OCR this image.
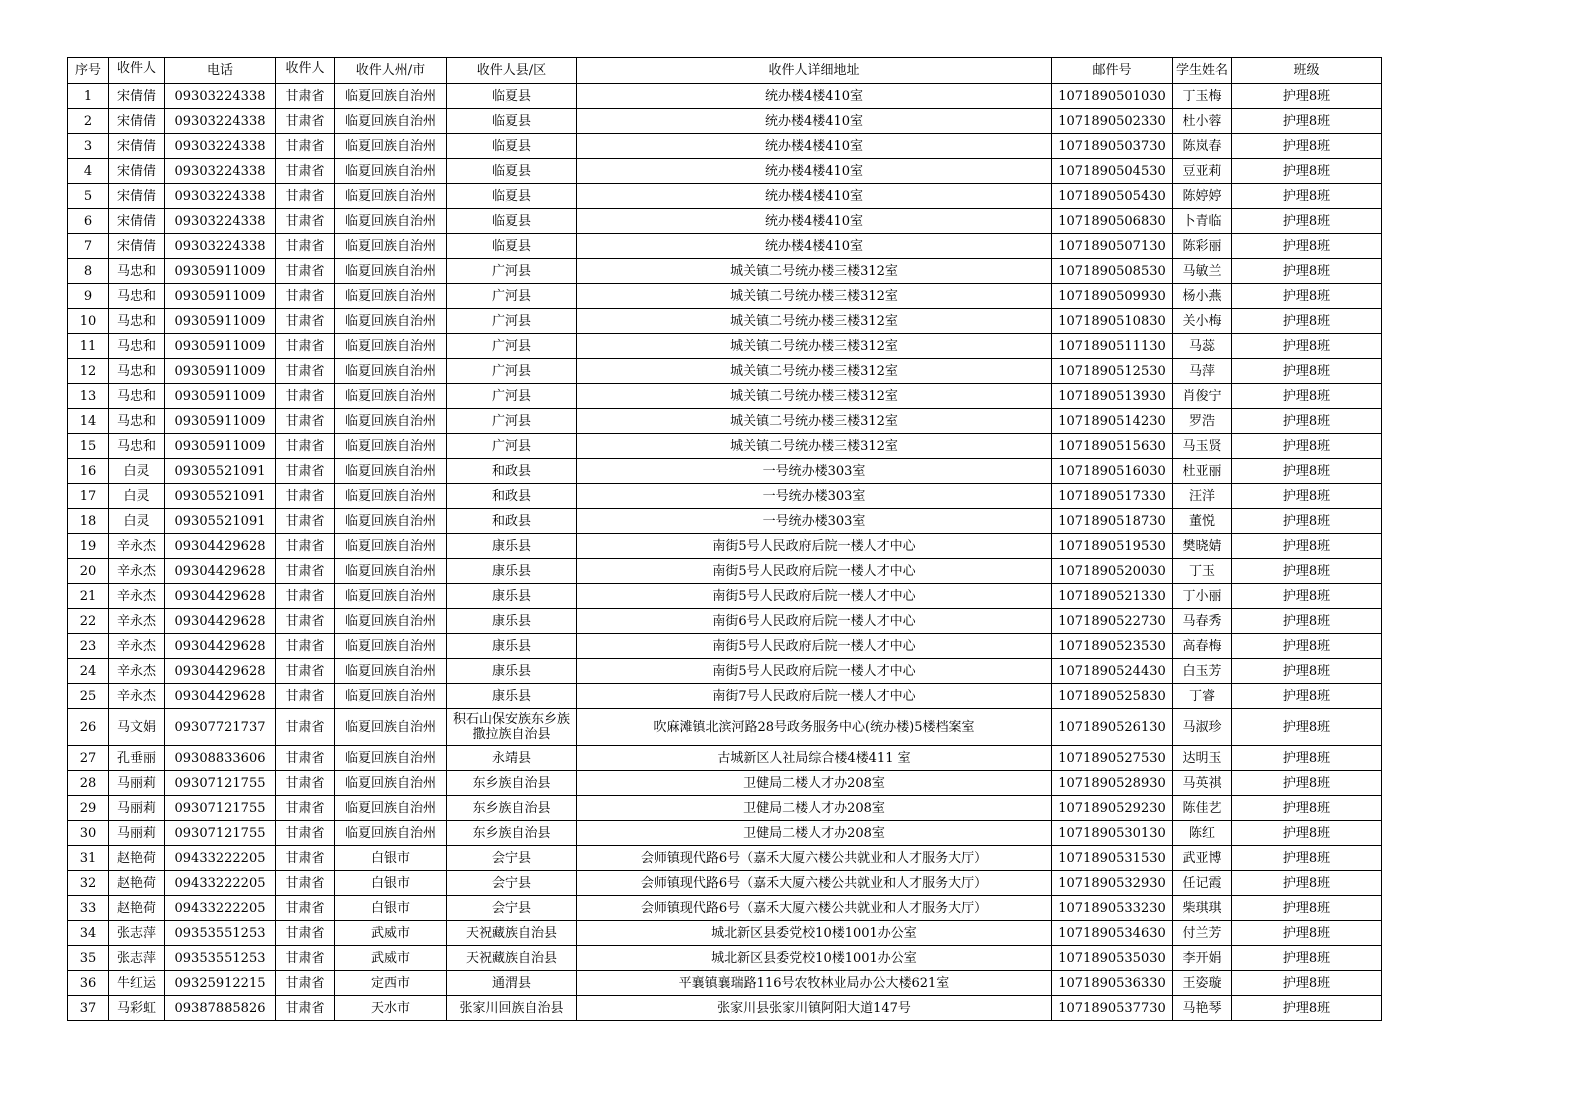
序号	收件人	电话	收件人	收件人州/市	收件人县/区	收件人详细地址	邮件号	学生姓名	班级
1	宋倩倩	09303224338	甘肃省	临夏回族自治州	临夏县	统办楼4楼410室	1071890501030	丁玉梅	护理8班
2	宋倩倩	09303224338	甘肃省	临夏回族自治州	临夏县	统办楼4楼410室	1071890502330	杜小蓉	护理8班
3	宋倩倩	09303224338	甘肃省	临夏回族自治州	临夏县	统办楼4楼410室	1071890503730	陈岚春	护理8班
4	宋倩倩	09303224338	甘肃省	临夏回族自治州	临夏县	统办楼4楼410室	1071890504530	豆亚莉	护理8班
5	宋倩倩	09303224338	甘肃省	临夏回族自治州	临夏县	统办楼4楼410室	1071890505430	陈婷婷	护理8班
6	宋倩倩	09303224338	甘肃省	临夏回族自治州	临夏县	统办楼4楼410室	1071890506830	卜青临	护理8班
7	宋倩倩	09303224338	甘肃省	临夏回族自治州	临夏县	统办楼4楼410室	1071890507130	陈彩丽	护理8班
8	马忠和	09305911009	甘肃省	临夏回族自治州	广河县	城关镇二号统办楼三楼312室	1071890508530	马敏兰	护理8班
9	马忠和	09305911009	甘肃省	临夏回族自治州	广河县	城关镇二号统办楼三楼312室	1071890509930	杨小燕	护理8班
10	马忠和	09305911009	甘肃省	临夏回族自治州	广河县	城关镇二号统办楼三楼312室	1071890510830	关小梅	护理8班
11	马忠和	09305911009	甘肃省	临夏回族自治州	广河县	城关镇二号统办楼三楼312室	1071890511130	马蕊	护理8班
12	马忠和	09305911009	甘肃省	临夏回族自治州	广河县	城关镇二号统办楼三楼312室	1071890512530	马萍	护理8班
13	马忠和	09305911009	甘肃省	临夏回族自治州	广河县	城关镇二号统办楼三楼312室	1071890513930	肖俊宁	护理8班
14	马忠和	09305911009	甘肃省	临夏回族自治州	广河县	城关镇二号统办楼三楼312室	1071890514230	罗浩	护理8班
15	马忠和	09305911009	甘肃省	临夏回族自治州	广河县	城关镇二号统办楼三楼312室	1071890515630	马玉贤	护理8班
16	白灵	09305521091	甘肃省	临夏回族自治州	和政县	一号统办楼303室	1071890516030	杜亚丽	护理8班
17	白灵	09305521091	甘肃省	临夏回族自治州	和政县	一号统办楼303室	1071890517330	汪洋	护理8班
18	白灵	09305521091	甘肃省	临夏回族自治州	和政县	一号统办楼303室	1071890518730	董悦	护理8班
19	辛永杰	09304429628	甘肃省	临夏回族自治州	康乐县	南街5号人民政府后院一楼人才中心	1071890519530	樊晓婧	护理8班
20	辛永杰	09304429628	甘肃省	临夏回族自治州	康乐县	南街5号人民政府后院一楼人才中心	1071890520030	丁玉	护理8班
21	辛永杰	09304429628	甘肃省	临夏回族自治州	康乐县	南街5号人民政府后院一楼人才中心	1071890521330	丁小丽	护理8班
22	辛永杰	09304429628	甘肃省	临夏回族自治州	康乐县	南街6号人民政府后院一楼人才中心	1071890522730	马春秀	护理8班
23	辛永杰	09304429628	甘肃省	临夏回族自治州	康乐县	南街5号人民政府后院一楼人才中心	1071890523530	高春梅	护理8班
24	辛永杰	09304429628	甘肃省	临夏回族自治州	康乐县	南街5号人民政府后院一楼人才中心	1071890524430	白玉芳	护理8班
25	辛永杰	09304429628	甘肃省	临夏回族自治州	康乐县	南街7号人民政府后院一楼人才中心	1071890525830	丁睿	护理8班
26	马文娟	09307721737	甘肃省	临夏回族自治州	积石山保安族东乡族撒拉族自治县	吹麻滩镇北滨河路28号政务服务中心(统办楼)5楼档案室	1071890526130	马淑珍	护理8班
27	孔垂丽	09308833606	甘肃省	临夏回族自治州	永靖县	古城新区人社局综合楼4楼411 室	1071890527530	达明玉	护理8班
28	马丽莉	09307121755	甘肃省	临夏回族自治州	东乡族自治县	卫健局二楼人才办208室	1071890528930	马英祺	护理8班
29	马丽莉	09307121755	甘肃省	临夏回族自治州	东乡族自治县	卫健局二楼人才办208室	1071890529230	陈佳艺	护理8班
30	马丽莉	09307121755	甘肃省	临夏回族自治州	东乡族自治县	卫健局二楼人才办208室	1071890530130	陈红	护理8班
31	赵艳荷	09433222205	甘肃省	白银市	会宁县	会师镇现代路6号（嘉禾大厦六楼公共就业和人才服务大厅）	1071890531530	武亚博	护理8班
32	赵艳荷	09433222205	甘肃省	白银市	会宁县	会师镇现代路6号（嘉禾大厦六楼公共就业和人才服务大厅）	1071890532930	任记霞	护理8班
33	赵艳荷	09433222205	甘肃省	白银市	会宁县	会师镇现代路6号（嘉禾大厦六楼公共就业和人才服务大厅）	1071890533230	柴琪琪	护理8班
34	张志萍	09353551253	甘肃省	武威市	天祝藏族自治县	城北新区县委党校10楼1001办公室	1071890534630	付兰芳	护理8班
35	张志萍	09353551253	甘肃省	武威市	天祝藏族自治县	城北新区县委党校10楼1001办公室	1071890535030	李开娟	护理8班
36	牛红运	09325912215	甘肃省	定西市	通渭县	平襄镇襄瑞路116号农牧林业局办公大楼621室	1071890536330	王姿璇	护理8班
37	马彩虹	09387885826	甘肃省	天水市	张家川回族自治县	张家川县张家川镇阿阳大道147号	1071890537730	马艳琴	护理8班
